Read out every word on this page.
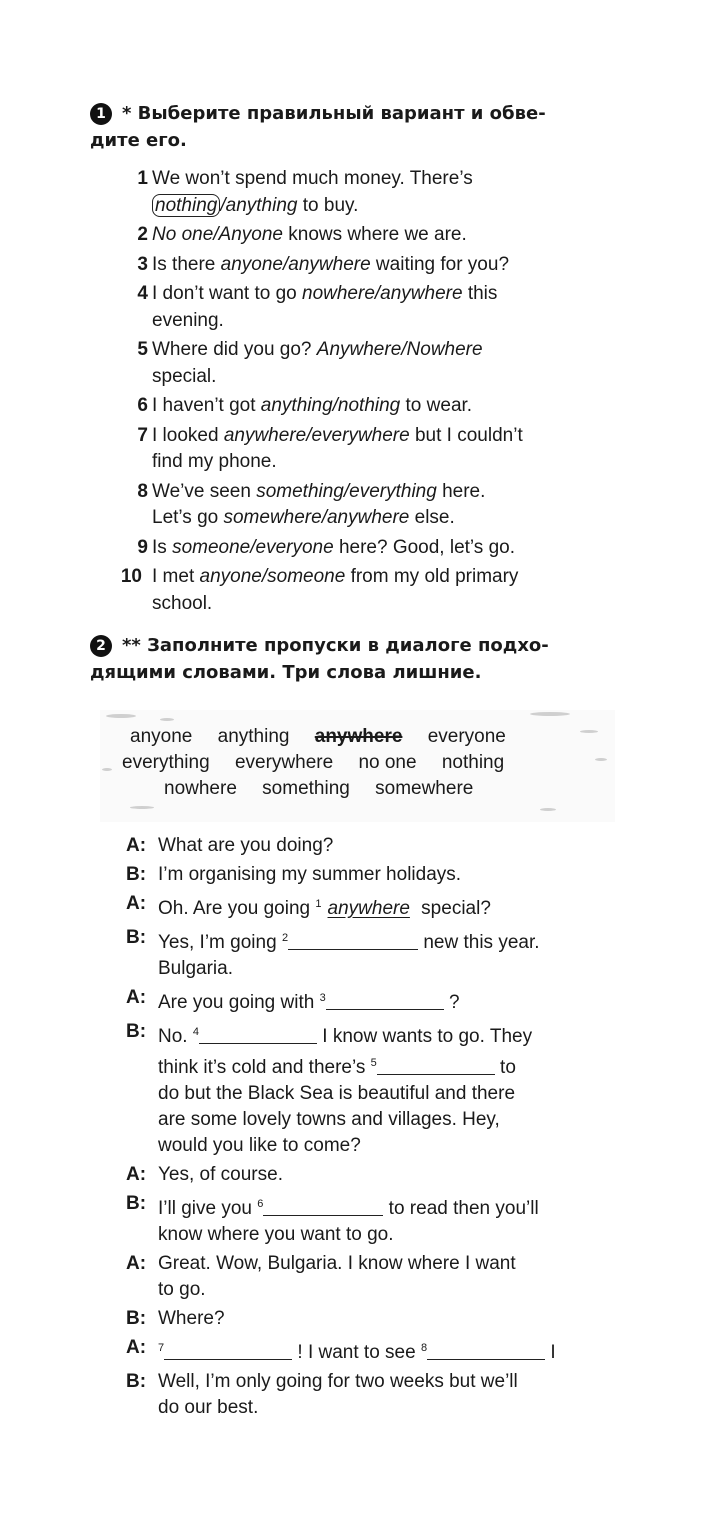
1 * Выберите правильный вариант и обве-
дите его.
1 We won’t spend much money. There’s
nothing /anything to buy.
2 No one/Anyone knows where we are.
3 Is there anyone/anywhere waiting for you?
4 I don’t want to go nowhere/anywhere this
evening.
5 Where did you go? Anywhere/Nowhere
special.
6 I haven’t got anything/nothing to wear.
7 I looked anywhere/everywhere but I couldn’t
find my phone.
8 We’ve seen something/everything here.
Let’s go somewhere/anywhere else.
9 Is someone/everyone here? Good, let’s go.
10 I met anyone/someone from my old primary
school.
2 ** Заполните пропуски в диалоге подхо-
дящими словами. Три слова лишние.
anyone anything anywhere everyone
everything everywhere no one nothing
nowhere something somewhere
A: What are you doing?
B: I’m organising my summer holidays.
A: Oh. Are you going $^1$ anywhere special?
B: Yes, I’m going $^2$	new this year.
Bulgaria.
A: Are you going with $^3$	?
B: No. $^4$	I know wants to go. They
think it’s cold and there’s $^5$	to
do but the Black Sea is beautiful and there
are some lovely towns and villages. Hey,
would you like to come?
A: Yes, of course.
B: I’ll give you $^6$	to read then you’ll
know where you want to go.
A: Great. Wow, Bulgaria. I know where I want
to go.
B: Where?
A: $^7$	! I want to see $^8$	I
B: Well, I’m only going for two weeks but we’ll
do our best.
